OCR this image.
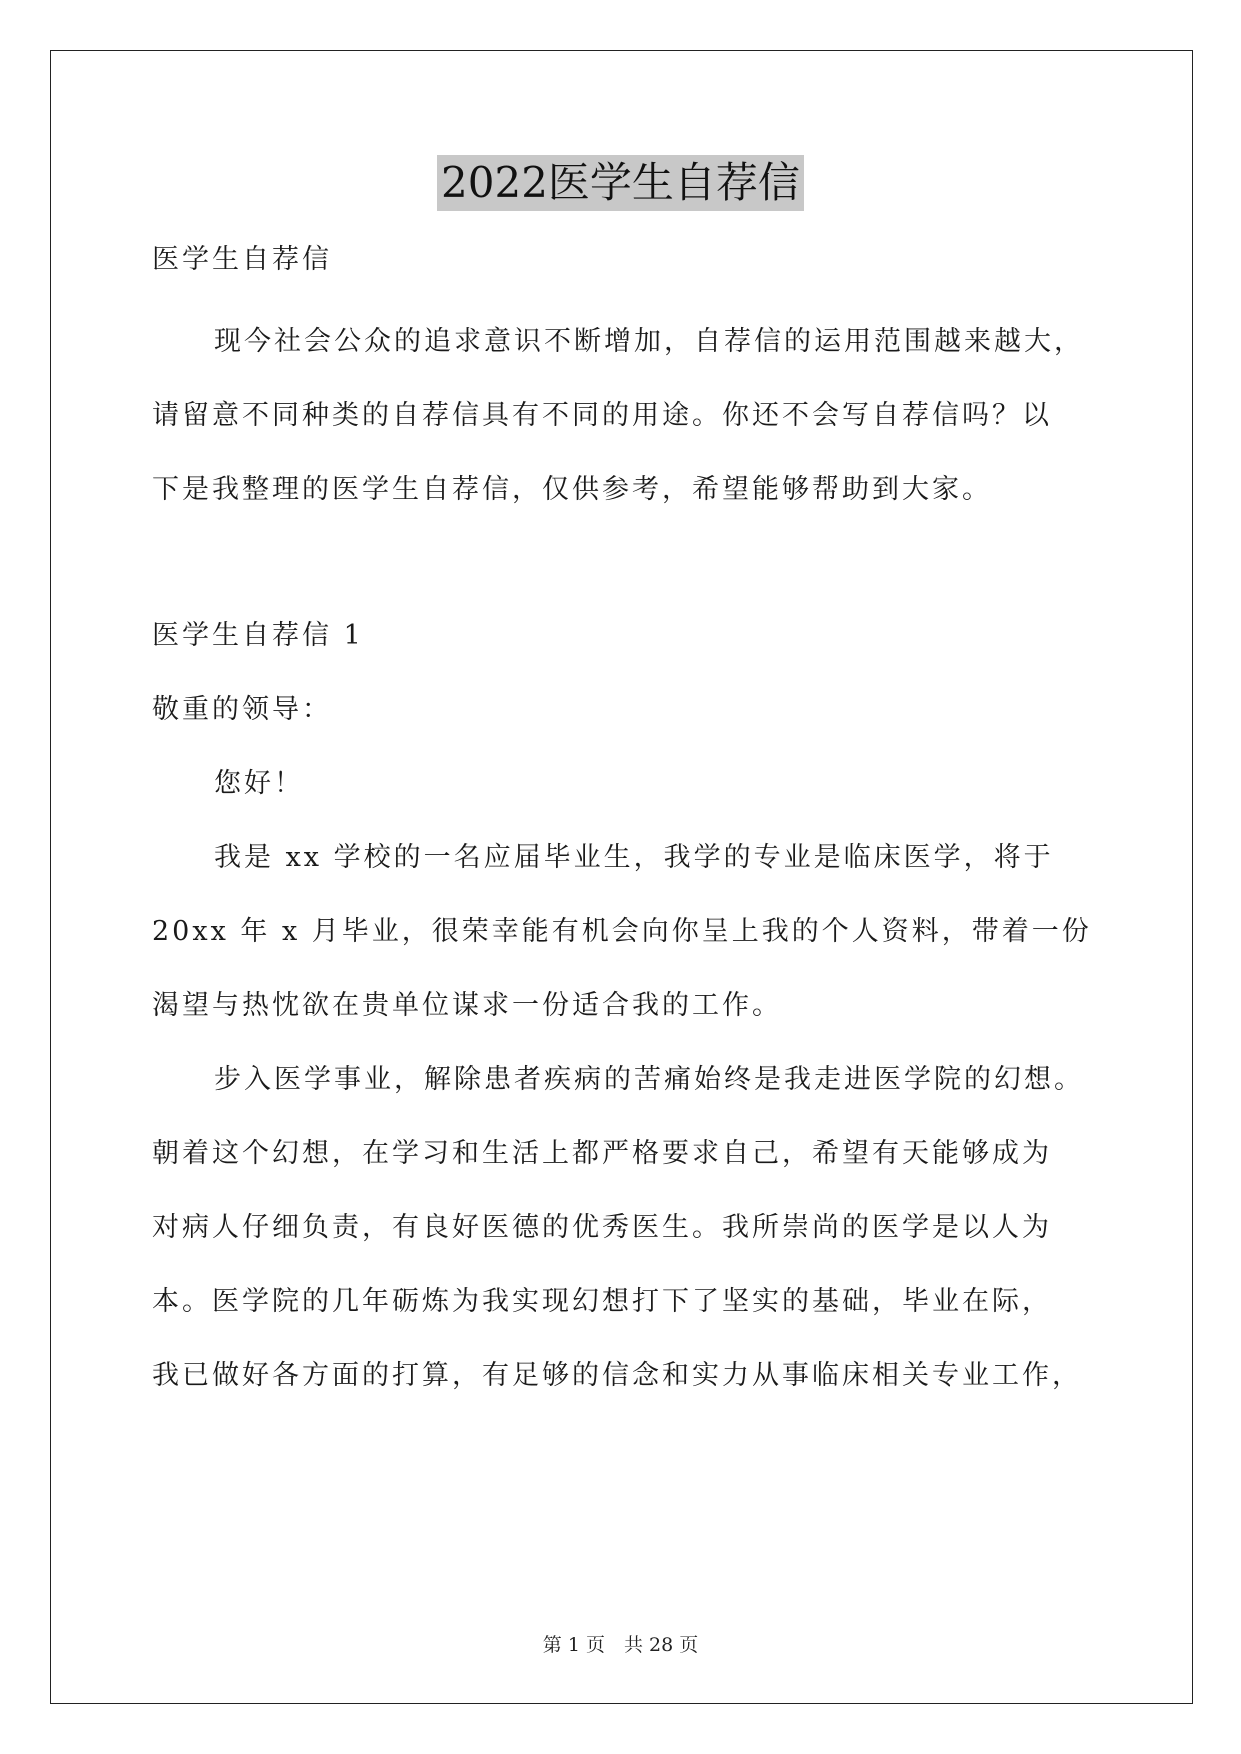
2022医学生自荐信
医学生自荐信
现今社会公众的追求意识不断增加，自荐信的运用范围越来越大，
请留意不同种类的自荐信具有不同的用途。你还不会写自荐信吗？以
下是我整理的医学生自荐信，仅供参考，希望能够帮助到大家。
医学生自荐信 1
敬重的领导：
您好！
我是 xx 学校的一名应届毕业生，我学的专业是临床医学，将于
20xx 年 x 月毕业，很荣幸能有机会向你呈上我的个人资料，带着一份
渴望与热忱欲在贵单位谋求一份适合我的工作。
步入医学事业，解除患者疾病的苦痛始终是我走进医学院的幻想。
朝着这个幻想，在学习和生活上都严格要求自己，希望有天能够成为
对病人仔细负责，有良好医德的优秀医生。我所崇尚的医学是以人为
本。医学院的几年砺炼为我实现幻想打下了坚实的基础，毕业在际，
我已做好各方面的打算，有足够的信念和实力从事临床相关专业工作，
第 1 页　共 28 页
